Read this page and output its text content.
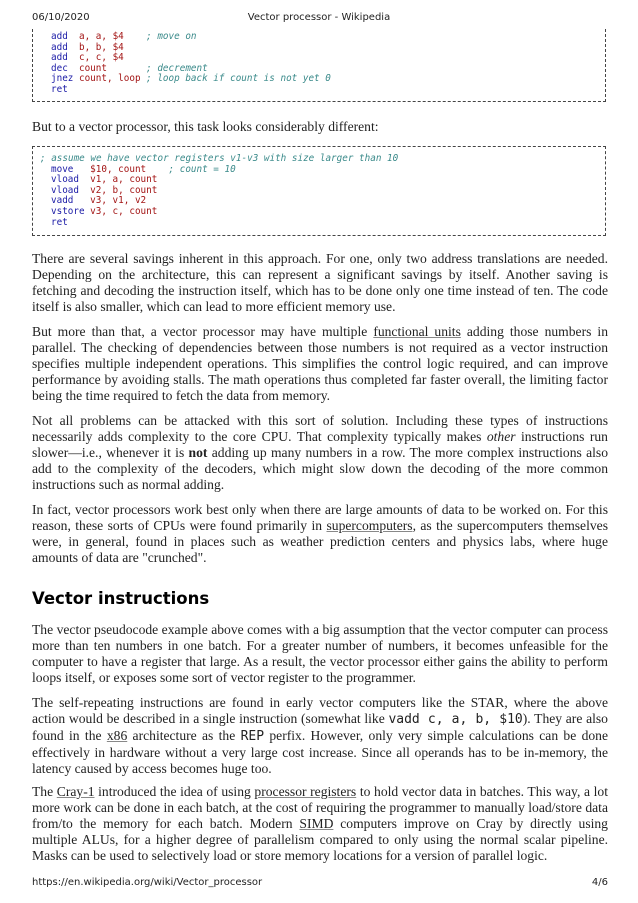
06/10/2020	Vector processor - Wikipedia
add a, a, $4 ; move on
add b, b, $4
add c, c, $4
dec count	; decrement
jnez count, loop ; loop back if count is not yet 0
ret

But to a vector processor, this task looks considerably different:

; assume we have vector registers v1-v3 with size larger than 10
move $10, count ; count = 10
vload v1, a, count
vload v2, b, count
vadd v3, v1, v2
vstore v3, c, count
ret

There are several savings inherent in this approach. For one, only two address translations are needed. Depending on the architecture, this can represent a significant savings by itself. Another saving is fetching and decoding the instruction itself, which has to be done only one time instead of ten. The code itself is also smaller, which can lead to more efficient memory use.

But more than that, a vector processor may have multiple functional units adding those numbers in parallel. The checking of dependencies between those numbers is not required as a vector instruction specifies multiple independent operations. This simplifies the control logic required, and can improve performance by avoiding stalls. The math operations thus completed far faster overall, the limiting factor being the time required to fetch the data from memory.

Not all problems can be attacked with this sort of solution. Including these types of instructions necessarily adds complexity to the core CPU. That complexity typically makes other instructions run slower—i.e., whenever it is not adding up many numbers in a row. The more complex instructions also add to the complexity of the decoders, which might slow down the decoding of the more common instructions such as normal adding.

In fact, vector processors work best only when there are large amounts of data to be worked on. For this reason, these sorts of CPUs were found primarily in supercomputers, as the supercomputers themselves were, in general, found in places such as weather prediction centers and physics labs, where huge amounts of data are "crunched".

Vector instructions

The vector pseudocode example above comes with a big assumption that the vector computer can process more than ten numbers in one batch. For a greater number of numbers, it becomes unfeasible for the computer to have a register that large. As a result, the vector processor either gains the ability to perform loops itself, or exposes some sort of vector register to the programmer.

The self-repeating instructions are found in early vector computers like the STAR, where the above action would be described in a single instruction (somewhat like vadd c, a, b, $10). They are also found in the x86 architecture as the REP perfix. However, only very simple calculations can be done effectively in hardware without a very large cost increase. Since all operands has to be in-memory, the latency caused by access becomes huge too.

The Cray-1 introduced the idea of using processor registers to hold vector data in batches. This way, a lot more work can be done in each batch, at the cost of requiring the programmer to manually load/store data from/to the memory for each batch. Modern SIMD computers improve on Cray by directly using multiple ALUs, for a higher degree of parallelism compared to only using the normal scalar pipeline. Masks can be used to selectively load or store memory locations for a version of parallel logic.

https://en.wikipedia.org/wiki/Vector_processor	4/6
